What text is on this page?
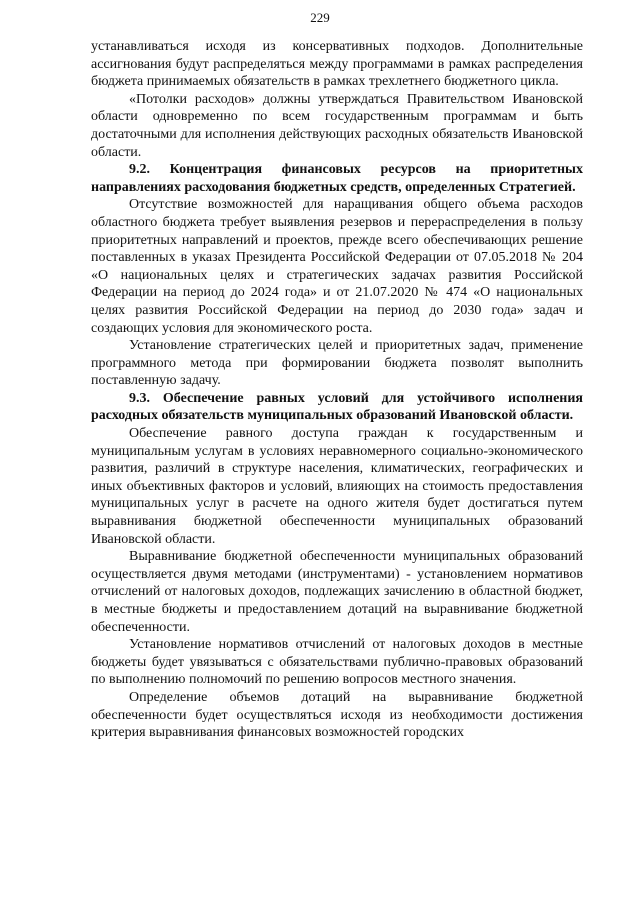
229

устанавливаться исходя из консервативных подходов. Дополнительные ассигнования будут распределяться между программами в рамках распределения бюджета принимаемых обязательств в рамках трехлетнего бюджетного цикла.

«Потолки расходов» должны утверждаться Правительством Ивановской области одновременно по всем государственным программам и быть достаточными для исполнения действующих расходных обязательств Ивановской области.

9.2. Концентрация финансовых ресурсов на приоритетных направлениях расходования бюджетных средств, определенных Стратегией.

Отсутствие возможностей для наращивания общего объема расходов областного бюджета требует выявления резервов и перераспределения в пользу приоритетных направлений и проектов, прежде всего обеспечивающих решение поставленных в указах Президента Российской Федерации от 07.05.2018 № 204 «О национальных целях и стратегических задачах развития Российской Федерации на период до 2024 года» и от 21.07.2020 № 474 «О национальных целях развития Российской Федерации на период до 2030 года» задач и создающих условия для экономического роста.

Установление стратегических целей и приоритетных задач, применение программного метода при формировании бюджета позволят выполнить поставленную задачу.

9.3. Обеспечение равных условий для устойчивого исполнения расходных обязательств муниципальных образований Ивановской области.

Обеспечение равного доступа граждан к государственным и муниципальным услугам в условиях неравномерного социально-экономического развития, различий в структуре населения, климатических, географических и иных объективных факторов и условий, влияющих на стоимость предоставления муниципальных услуг в расчете на одного жителя будет достигаться путем выравнивания бюджетной обеспеченности муниципальных образований Ивановской области.

Выравнивание бюджетной обеспеченности муниципальных образований осуществляется двумя методами (инструментами) - установлением нормативов отчислений от налоговых доходов, подлежащих зачислению в областной бюджет, в местные бюджеты и предоставлением дотаций на выравнивание бюджетной обеспеченности.

Установление нормативов отчислений от налоговых доходов в местные бюджеты будет увязываться с обязательствами публично-правовых образований по выполнению полномочий по решению вопросов местного значения.

Определение объемов дотаций на выравнивание бюджетной обеспеченности будет осуществляться исходя из необходимости достижения критерия выравнивания финансовых возможностей городских
